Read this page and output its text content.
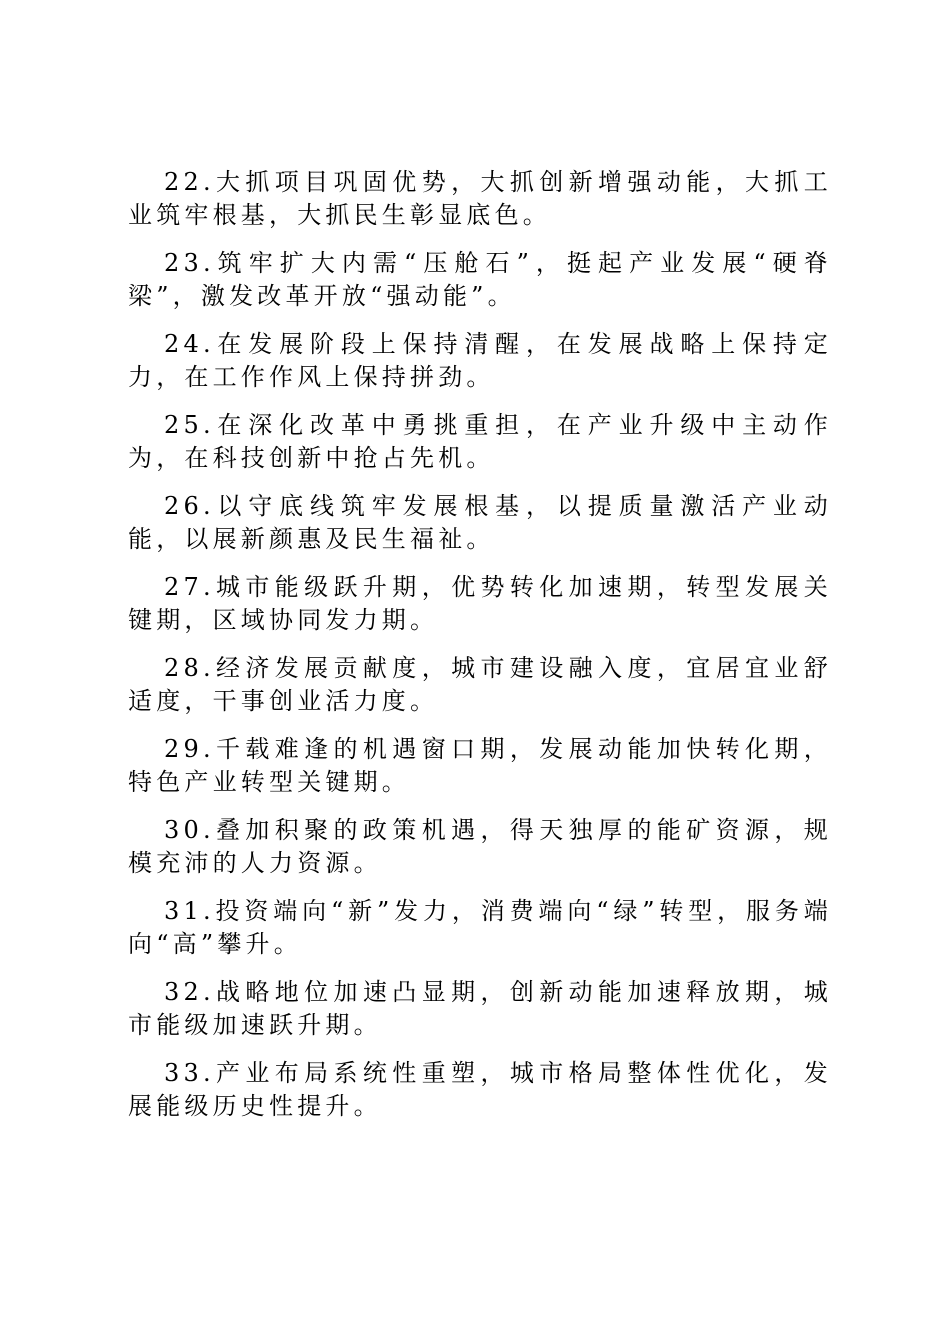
22.大抓项目巩固优势，大抓创新增强动能，大抓工业筑牢根基，大抓民生彰显底色。

23.筑牢扩大内需“压舱石”，挺起产业发展“硬脊梁”，激发改革开放“强动能”。

24.在发展阶段上保持清醒，在发展战略上保持定力，在工作作风上保持拼劲。

25.在深化改革中勇挑重担，在产业升级中主动作为，在科技创新中抢占先机。

26.以守底线筑牢发展根基，以提质量激活产业动能，以展新颜惠及民生福祉。

27.城市能级跃升期，优势转化加速期，转型发展关键期，区域协同发力期。

28.经济发展贡献度，城市建设融入度，宜居宜业舒适度，干事创业活力度。

29.千载难逢的机遇窗口期，发展动能加快转化期，特色产业转型关键期。

30.叠加积聚的政策机遇，得天独厚的能矿资源，规模充沛的人力资源。

31.投资端向“新”发力，消费端向“绿”转型，服务端向“高”攀升。

32.战略地位加速凸显期，创新动能加速释放期，城市能级加速跃升期。

33.产业布局系统性重塑，城市格局整体性优化，发展能级历史性提升。
